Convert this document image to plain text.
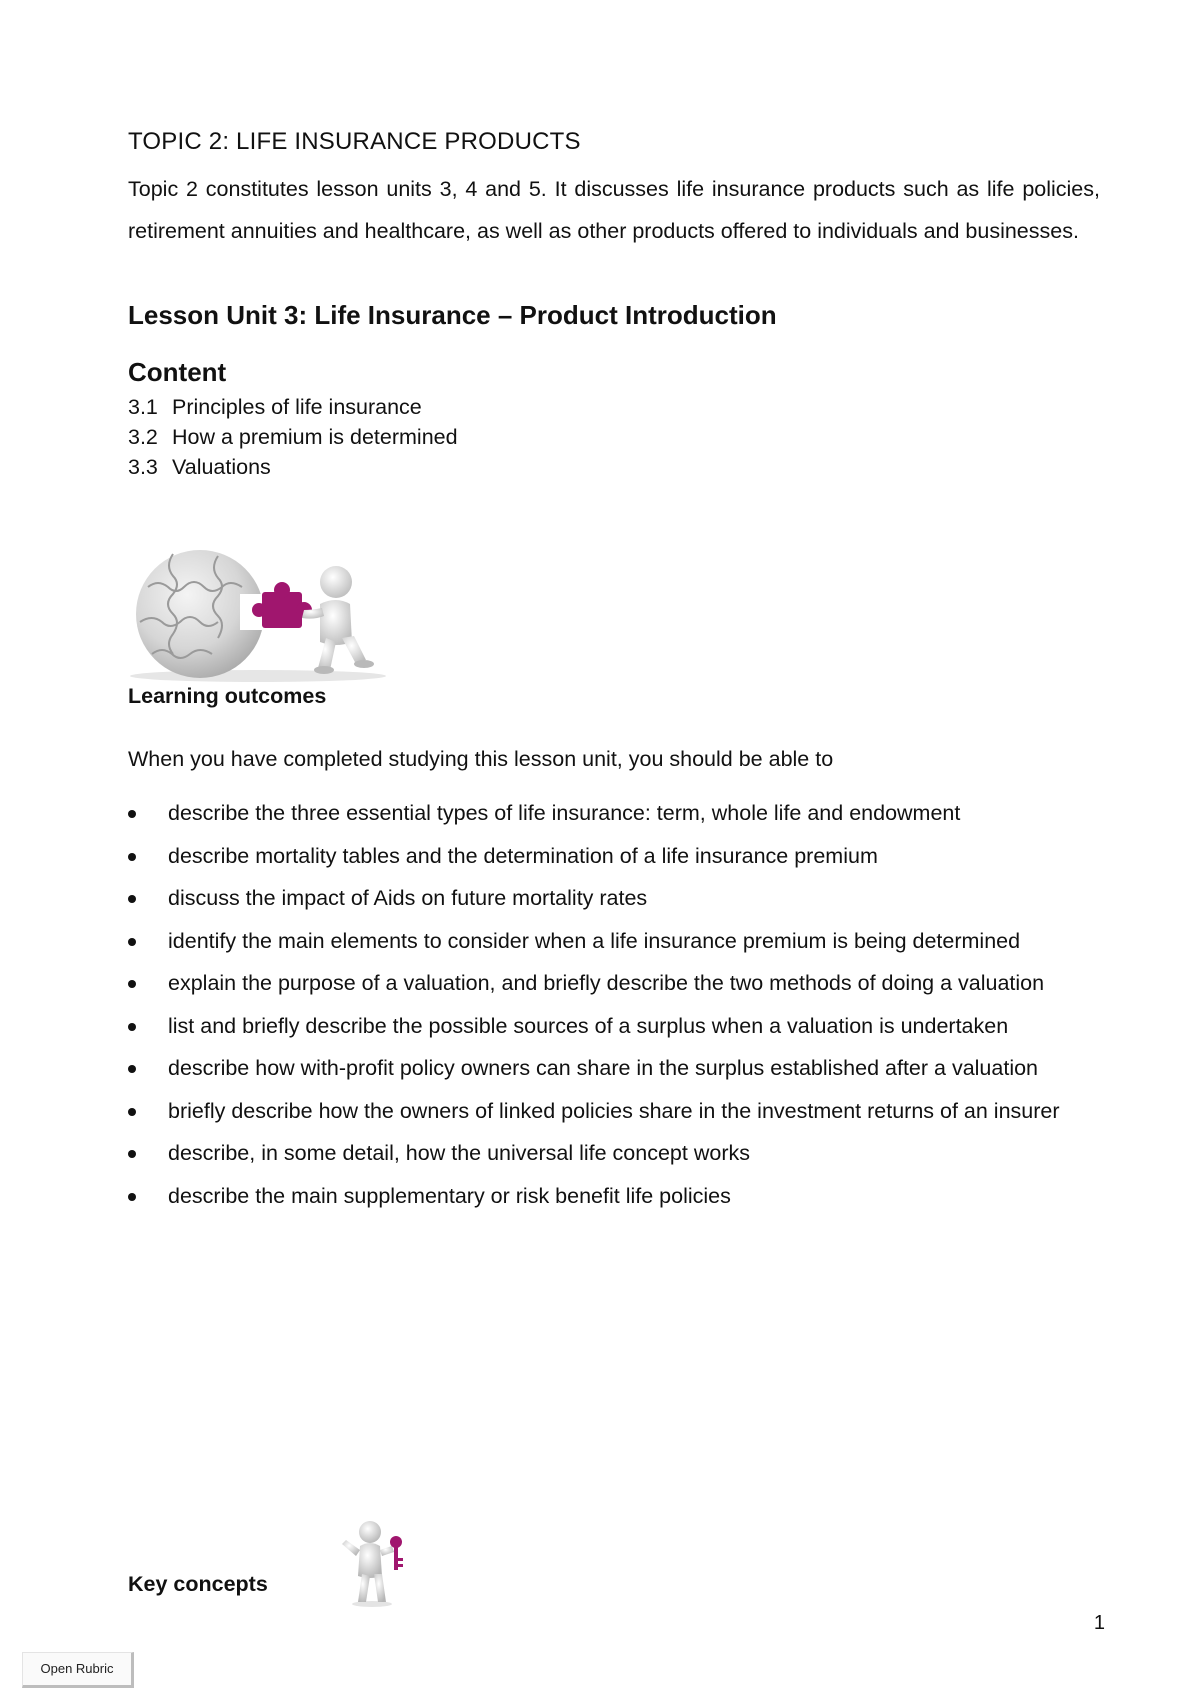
TOPIC 2: LIFE INSURANCE PRODUCTS

Topic 2 constitutes lesson units 3, 4 and 5. It discusses life insurance products such as life policies, retirement annuities and healthcare, as well as other products offered to individuals and businesses.

Lesson Unit 3: Life Insurance – Product Introduction
Content
3.1 Principles of life insurance
3.2 How a premium is determined
3.3 Valuations
Learning outcomes

When you have completed studying this lesson unit, you should be able to

describe the three essential types of life insurance: term, whole life and endowment
describe mortality tables and the determination of a life insurance premium
discuss the impact of Aids on future mortality rates
identify the main elements to consider when a life insurance premium is being determined
explain the purpose of a valuation, and briefly describe the two methods of doing a valuation
list and briefly describe the possible sources of a surplus when a valuation is undertaken
describe how with-profit policy owners can share in the surplus established after a valuation
briefly describe how the owners of linked policies share in the investment returns of an insurer
describe, in some detail, how the universal life concept works
describe the main supplementary or risk benefit life policies
Key concepts
1
Open Rubric
